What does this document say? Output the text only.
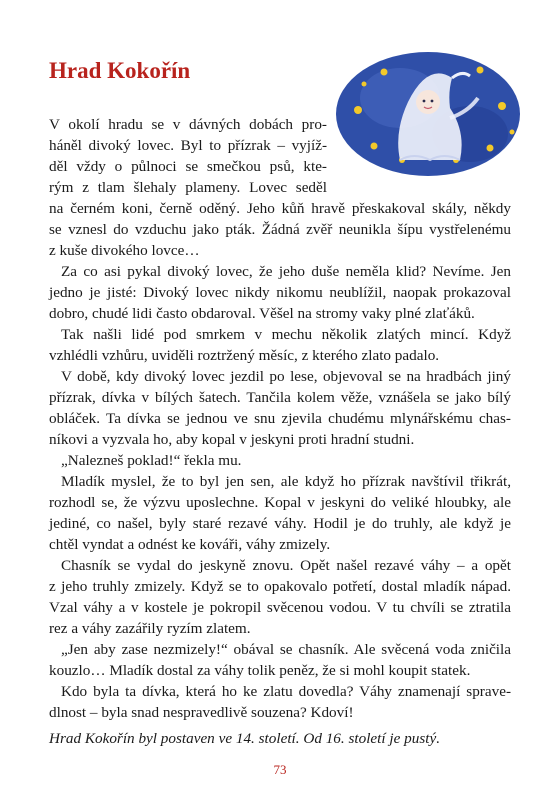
Hrad Kokořín
V okolí hradu se v dávných dobách pro-
háněl divoký lovec. Byl to přízrak – vyjíž-
děl vždy o půlnoci se smečkou psů, kte-
rým z tlam šlehaly plameny. Lovec seděl
na černém koni, černě oděný. Jeho kůň hravě přeskakoval skály, někdy
se vznesl do vzduchu jako pták. Žádná zvěř neunikla šípu vystřelenému
z kuše divokého lovce…
Za co asi pykal divoký lovec, že jeho duše neměla klid? Nevíme. Jen
jedno je jisté: Divoký lovec nikdy nikomu neublížil, naopak prokazoval
dobro, chudé lidi často obdaroval. Věšel na stromy vaky plné zlaťáků.
Tak našli lidé pod smrkem v mechu několik zlatých mincí. Když
vzhlédli vzhůru, uviděli roztržený měsíc, z kterého zlato padalo.
V době, kdy divoký lovec jezdil po lese, objevoval se na hradbách jiný
přízrak, dívka v bílých šatech. Tančila kolem věže, vznášela se jako bílý
obláček. Ta dívka se jednou ve snu zjevila chudému mlynářskému chas-
níkovi a vyzvala ho, aby kopal v jeskyni proti hradní studni.
„Nalezneš poklad!“ řekla mu.
Mladík myslel, že to byl jen sen, ale když ho přízrak navštívil třikrát,
rozhodl se, že výzvu uposlechne. Kopal v jeskyni do veliké hloubky, ale
jediné, co našel, byly staré rezavé váhy. Hodil je do truhly, ale když je
chtěl vyndat a odnést ke kováři, váhy zmizely.
Chasník se vydal do jeskyně znovu. Opět našel rezavé váhy – a opět
z jeho truhly zmizely. Když se to opakovalo potřetí, dostal mladík nápad.
Vzal váhy a v kostele je pokropil svěcenou vodou. V tu chvíli se ztratila
rez a váhy zazářily ryzím zlatem.
„Jen aby zase nezmizely!“ obával se chasník. Ale svěcená voda zničila
kouzlo… Mladík dostal za váhy tolik peněz, že si mohl koupit statek.
Kdo byla ta dívka, která ho ke zlatu dovedla? Váhy znamenají sprave-
dlnost – byla snad nespravedlivě souzena? Kdoví!

Hrad Kokořín byl postaven ve 14. století. Od 16. století je pustý.

73
